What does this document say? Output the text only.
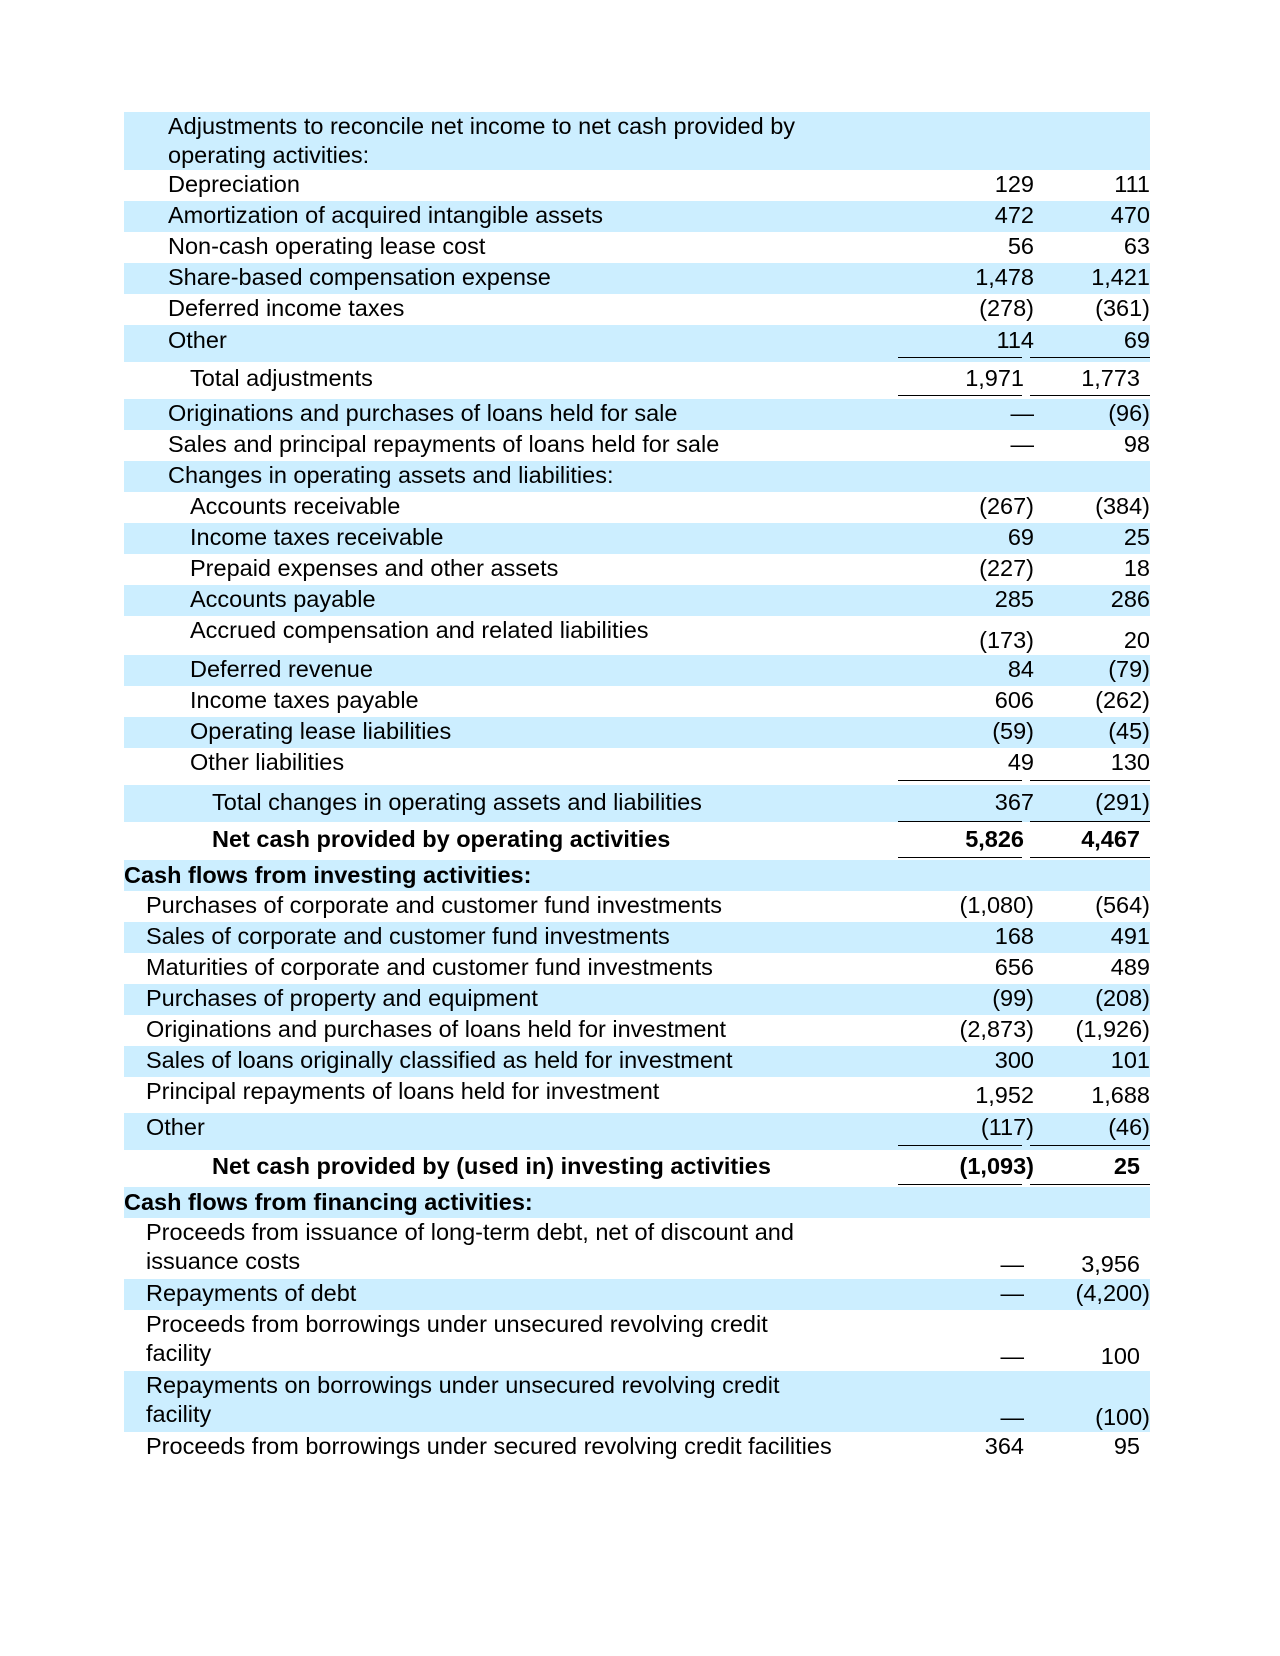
Adjustments to reconcile net income to net cash provided by operating activities:
Depreciation	129	111
Amortization of acquired intangible assets	472	470
Non-cash operating lease cost	56	63
Share-based compensation expense	1,478	1,421
Deferred income taxes	(278)	(361)
Other	114	69
Total adjustments	1,971	1,773
Originations and purchases of loans held for sale	—	(96)
Sales and principal repayments of loans held for sale	—	98
Changes in operating assets and liabilities:
Accounts receivable	(267)	(384)
Income taxes receivable	69	25
Prepaid expenses and other assets	(227)	18
Accounts payable	285	286
Accrued compensation and related liabilities	(173)	20
Deferred revenue	84	(79)
Income taxes payable	606	(262)
Operating lease liabilities	(59)	(45)
Other liabilities	49	130
Total changes in operating assets and liabilities	367	(291)
Net cash provided by operating activities	5,826	4,467
Cash flows from investing activities:
Purchases of corporate and customer fund investments	(1,080)	(564)
Sales of corporate and customer fund investments	168	491
Maturities of corporate and customer fund investments	656	489
Purchases of property and equipment	(99)	(208)
Originations and purchases of loans held for investment	(2,873)	(1,926)
Sales of loans originally classified as held for investment	300	101
Principal repayments of loans held for investment	1,952	1,688
Other	(117)	(46)
Net cash provided by (used in) investing activities	(1,093)	25
Cash flows from financing activities:
Proceeds from issuance of long-term debt, net of discount and issuance costs	—	3,956
Repayments of debt	—	(4,200)
Proceeds from borrowings under unsecured revolving credit facility	—	100
Repayments on borrowings under unsecured revolving credit facility	—	(100)
Proceeds from borrowings under secured revolving credit facilities	364	95
